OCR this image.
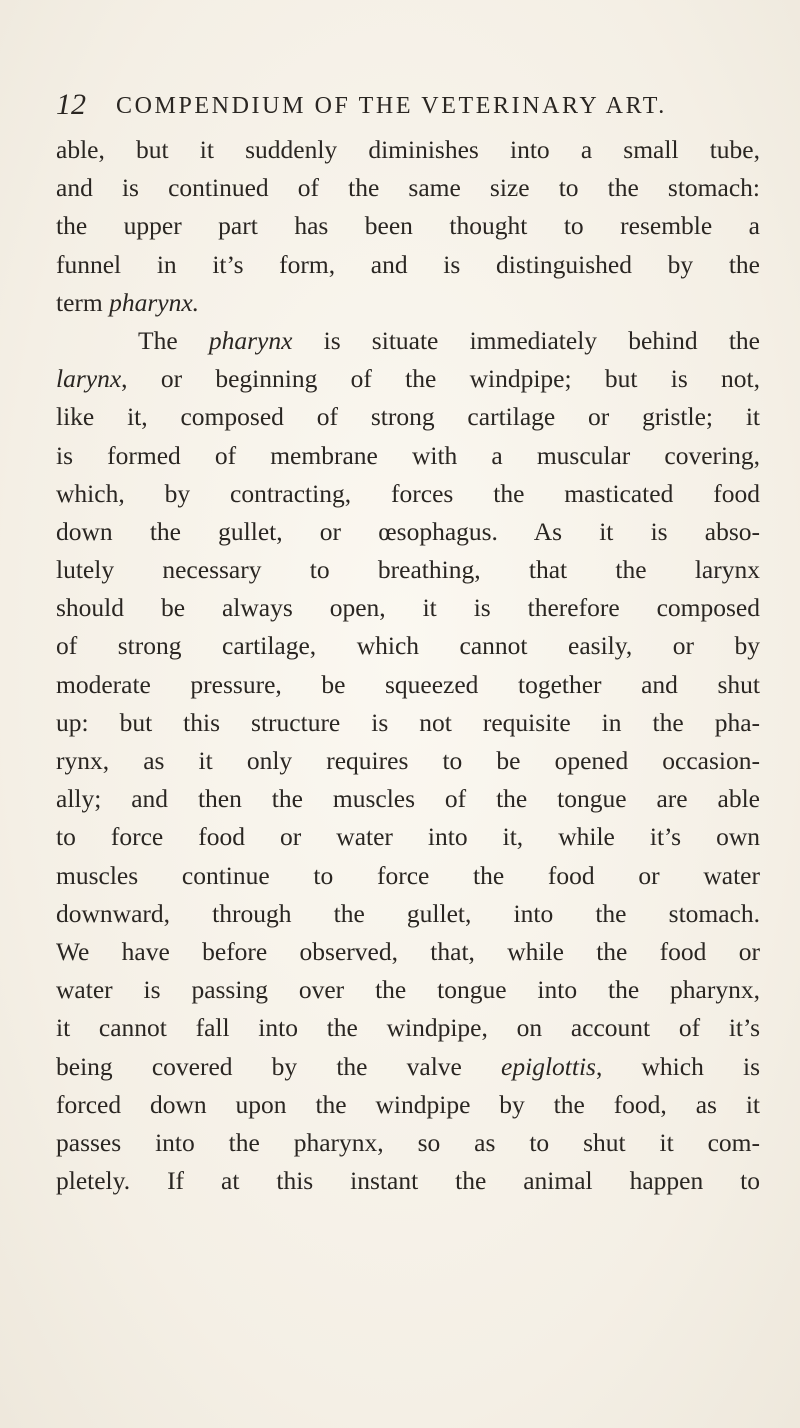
12 COMPENDIUM OF THE VETERINARY ART.
able, but it suddenly diminishes into a small tube,
and is continued of the same size to the stomach:
the upper part has been thought to resemble a
funnel in it’s form, and is distinguished by the
term pharynx.
The pharynx is situate immediately behind the
larynx, or beginning of the windpipe; but is not,
like it, composed of strong cartilage or gristle; it
is formed of membrane with a muscular covering,
which, by contracting, forces the masticated food
down the gullet, or œsophagus. As it is abso-
lutely necessary to breathing, that the larynx
should be always open, it is therefore composed
of strong cartilage, which cannot easily, or by
moderate pressure, be squeezed together and shut
up: but this structure is not requisite in the pha-
rynx, as it only requires to be opened occasion-
ally; and then the muscles of the tongue are able
to force food or water into it, while it’s own
muscles continue to force the food or water
downward, through the gullet, into the stomach.
We have before observed, that, while the food or
water is passing over the tongue into the pharynx,
it cannot fall into the windpipe, on account of it’s
being covered by the valve epiglottis, which is
forced down upon the windpipe by the food, as it
passes into the pharynx, so as to shut it com-
pletely. If at this instant the animal happen to
